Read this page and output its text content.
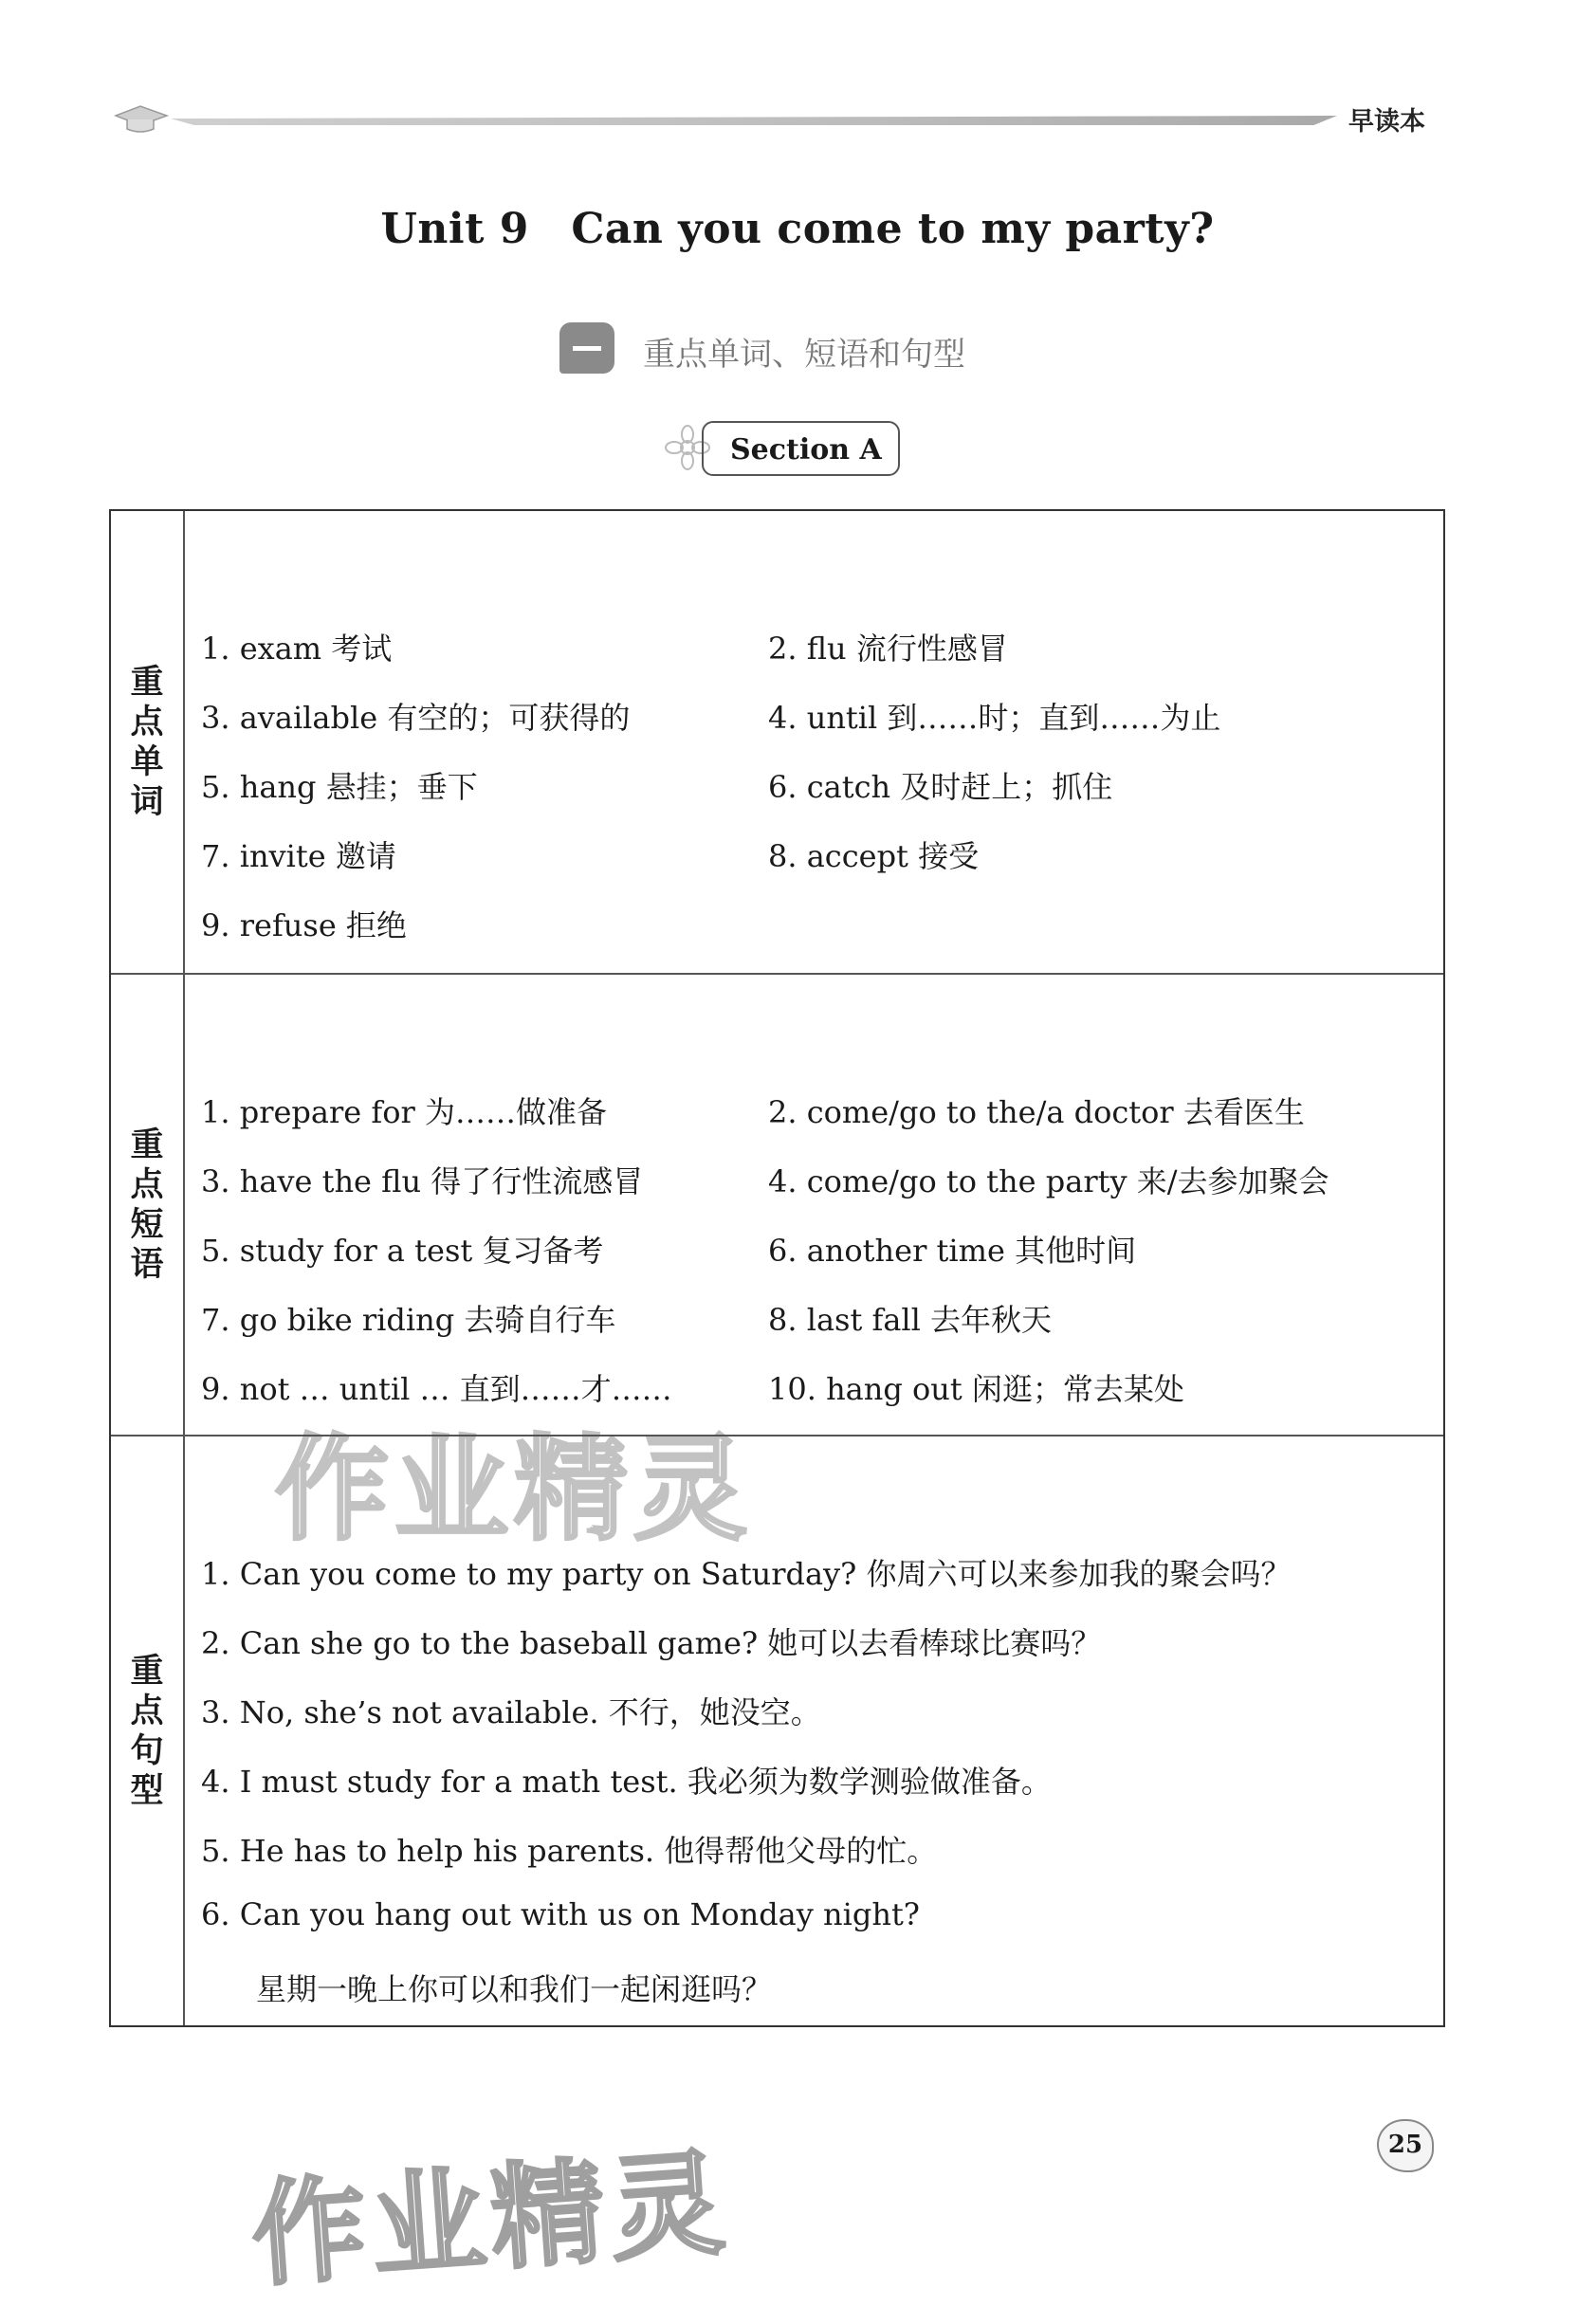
早读本
Unit 9　Can you come to my party?
重点单词、短语和句型
Section A
重点单词
1. exam 考试	2. flu 流行性感冒
3. available 有空的；可获得的	4. until 到……时；直到……为止
5. hang 悬挂；垂下	6. catch 及时赶上；抓住
7. invite 邀请	8. accept 接受
9. refuse 拒绝
重点短语
1. prepare for 为……做准备	2. come/go to the/a doctor 去看医生
3. have the flu 得了行性流感冒	4. come/go to the party 来/去参加聚会
5. study for a test 复习备考	6. another time 其他时间
7. go bike riding 去骑自行车	8. last fall 去年秋天
9. not … until … 直到……才……	10. hang out 闲逛；常去某处
重点句型
1. Can you come to my party on Saturday? 你周六可以来参加我的聚会吗？
2. Can she go to the baseball game? 她可以去看棒球比赛吗？
3. No, she’s not available. 不行，她没空。
4. I must study for a math test. 我必须为数学测验做准备。
5. He has to help his parents. 他得帮他父母的忙。
6. Can you hang out with us on Monday night?
星期一晚上你可以和我们一起闲逛吗？
作业精灵
作业精灵	25
